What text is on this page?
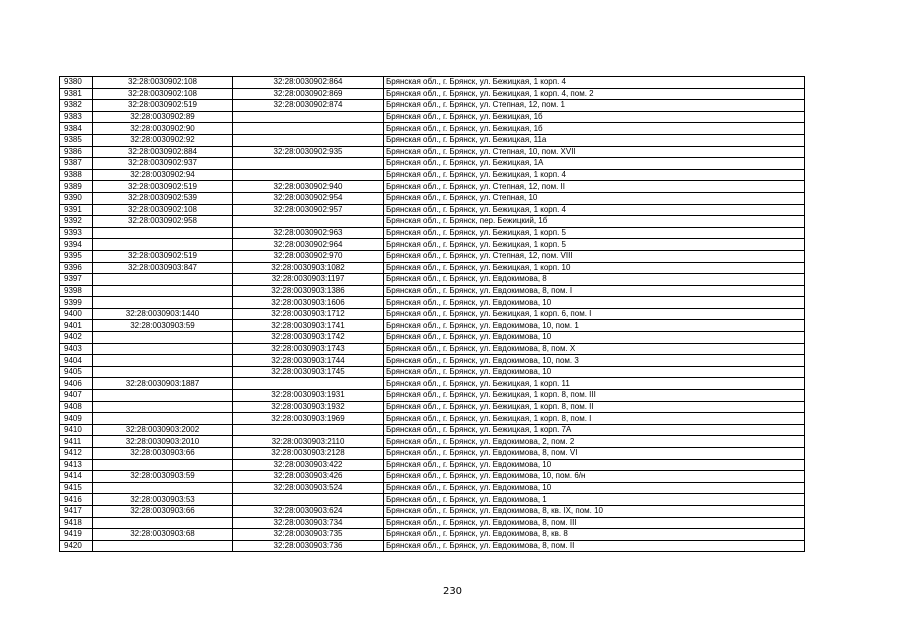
9380	32:28:0030902:108	32:28:0030902:864	Брянская обл., г. Брянск, ул. Бежицкая, 1 корп. 4
9381	32:28:0030902:108	32:28:0030902:869	Брянская обл., г. Брянск, ул. Бежицкая, 1 корп. 4, пом. 2
9382	32:28:0030902:519	32:28:0030902:874	Брянская обл., г. Брянск, ул. Степная, 12, пом. 1
9383	32:28:0030902:89		Брянская обл., г. Брянск, ул. Бежицкая, 1б
9384	32:28:0030902:90		Брянская обл., г. Брянск, ул. Бежицкая, 1б
9385	32:28:0030902:92		Брянская обл., г. Брянск, ул. Бежицкая, 11а
9386	32:28:0030902:884	32:28:0030902:935	Брянская обл., г. Брянск, ул. Степная, 10, пом. XVII
9387	32:28:0030902:937		Брянская обл., г. Брянск, ул. Бежицкая, 1А
9388	32:28:0030902:94		Брянская обл., г. Брянск, ул. Бежицкая, 1 корп. 4
9389	32:28:0030902:519	32:28:0030902:940	Брянская обл., г. Брянск, ул. Степная, 12, пом. II
9390	32:28:0030902:539	32:28:0030902:954	Брянская обл., г. Брянск, ул. Степная, 10
9391	32:28:0030902:108	32:28:0030902:957	Брянская обл., г. Брянск, ул. Бежицкая, 1 корп. 4
9392	32:28:0030902:958		Брянская обл., г. Брянск, пер. Бежицкий, 1б
9393		32:28:0030902:963	Брянская обл., г. Брянск, ул. Бежицкая, 1 корп. 5
9394		32:28:0030902:964	Брянская обл., г. Брянск, ул. Бежицкая, 1 корп. 5
9395	32:28:0030902:519	32:28:0030902:970	Брянская обл., г. Брянск, ул. Степная, 12, пом. VIII
9396	32:28:0030903:847	32:28:0030903:1082	Брянская обл., г. Брянск, ул. Бежицкая, 1 корп. 10
9397		32:28:0030903:1197	Брянская обл., г. Брянск, ул. Евдокимова, 8
9398		32:28:0030903:1386	Брянская обл., г. Брянск, ул. Евдокимова, 8, пом. I
9399		32:28:0030903:1606	Брянская обл., г. Брянск, ул. Евдокимова, 10
9400	32:28:0030903:1440	32:28:0030903:1712	Брянская обл., г. Брянск, ул. Бежицкая, 1 корп. 6, пом. I
9401	32:28:0030903:59	32:28:0030903:1741	Брянская обл., г. Брянск, ул. Евдокимова, 10, пом. 1
9402		32:28:0030903:1742	Брянская обл., г. Брянск, ул. Евдокимова, 10
9403		32:28:0030903:1743	Брянская обл., г. Брянск, ул. Евдокимова, 8, пом. X
9404		32:28:0030903:1744	Брянская обл., г. Брянск, ул. Евдокимова, 10, пом. 3
9405		32:28:0030903:1745	Брянская обл., г. Брянск, ул. Евдокимова, 10
9406	32:28:0030903:1887		Брянская обл., г. Брянск, ул. Бежицкая, 1 корп. 11
9407		32:28:0030903:1931	Брянская обл., г. Брянск, ул. Бежицкая, 1 корп. 8, пом. III
9408		32:28:0030903:1932	Брянская обл., г. Брянск, ул. Бежицкая, 1 корп. 8, пом. II
9409		32:28:0030903:1969	Брянская обл., г. Брянск, ул. Бежицкая, 1 корп. 8, пом. I
9410	32:28:0030903:2002		Брянская обл., г. Брянск, ул. Бежицкая, 1 корп. 7А
9411	32:28:0030903:2010	32:28:0030903:2110	Брянская обл., г. Брянск, ул. Евдокимова, 2, пом. 2
9412	32:28:0030903:66	32:28:0030903:2128	Брянская обл., г. Брянск, ул. Евдокимова, 8, пом. VI
9413		32:28:0030903:422	Брянская обл., г. Брянск, ул. Евдокимова, 10
9414	32:28:0030903:59	32:28:0030903:426	Брянская обл., г. Брянск, ул. Евдокимова, 10, пом. 6/н
9415		32:28:0030903:524	Брянская обл., г. Брянск, ул. Евдокимова, 10
9416	32:28:0030903:53		Брянская обл., г. Брянск, ул. Евдокимова, 1
9417	32:28:0030903:66	32:28:0030903:624	Брянская обл., г. Брянск, ул. Евдокимова, 8, кв. IX, пом. 10
9418		32:28:0030903:734	Брянская обл., г. Брянск, ул. Евдокимова, 8, пом. III
9419	32:28:0030903:68	32:28:0030903:735	Брянская обл., г. Брянск, ул. Евдокимова, 8, кв. 8
9420		32:28:0030903:736	Брянская обл., г. Брянск, ул. Евдокимова, 8, пом. II
230
